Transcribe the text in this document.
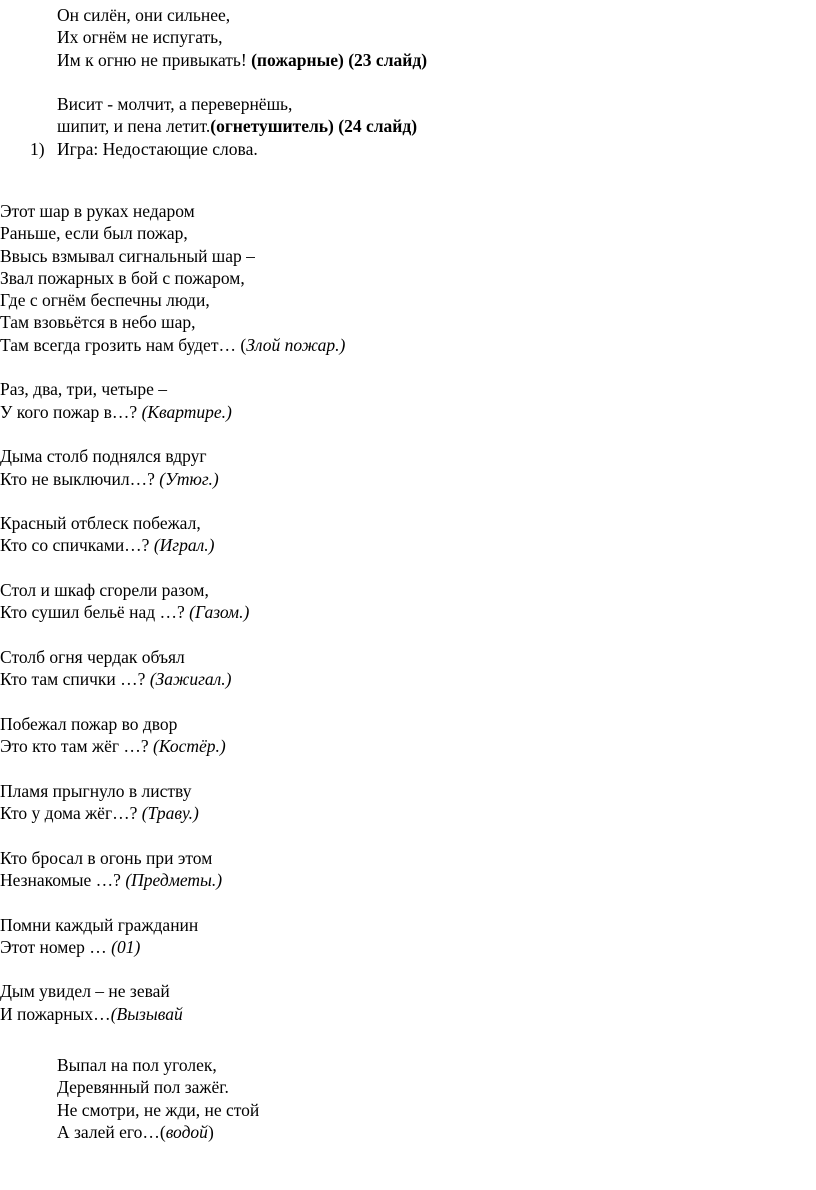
Он силён, они сильнее,
Их огнём не испугать,
Им к огню не привыкать! (пожарные) (23 слайд)
Висит - молчит, а перевернёшь,
шипит, и пена летит.(огнетушитель) (24 слайд)
1) Игра: Недостающие слова.
Этот шар в руках недаром
Раньше, если был пожар,
Ввысь взмывал сигнальный шар –
Звал пожарных в бой с пожаром,
Где с огнём беспечны люди,
Там взовьётся в небо шар,
Там всегда грозить нам будет… (Злой пожар.)
Раз, два, три, четыре –
У кого пожар в…? (Квартире.)
Дыма столб поднялся вдруг
Кто не выключил…? (Утюг.)
Красный отблеск побежал,
Кто со спичками…? (Играл.)
Стол и шкаф сгорели разом,
Кто сушил бельё над …? (Газом.)
Столб огня чердак объял
Кто там спички …? (Зажигал.)
Побежал пожар во двор
Это кто там жёг …? (Костёр.)
Пламя прыгнуло в листву
Кто у дома жёг…? (Траву.)
Кто бросал в огонь при этом
Незнакомые …? (Предметы.)
Помни каждый гражданин
Этот номер … (01)
Дым увидел – не зевай
И пожарных…(Вызывай
Выпал на пол уголек,
Деревянный пол зажёг.
Не смотри, не жди, не стой
А залей его…(водой)
